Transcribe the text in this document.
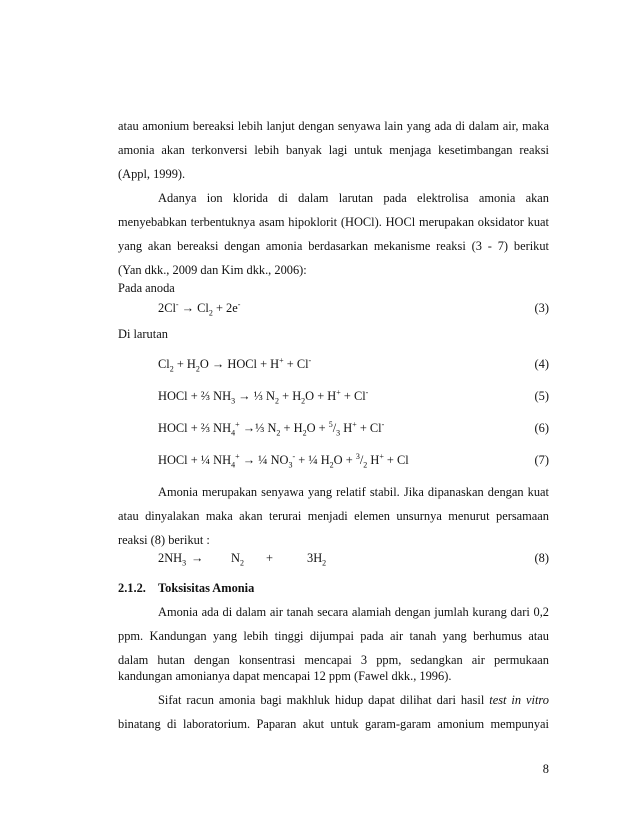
atau amonium bereaksi lebih lanjut dengan senyawa lain yang ada di dalam air, maka
amonia akan terkonversi lebih banyak lagi untuk menjaga kesetimbangan reaksi
(Appl, 1999).
Adanya ion klorida di dalam larutan pada elektrolisa amonia akan
menyebabkan terbentuknya asam hipoklorit (HOCl). HOCl merupakan oksidator kuat
yang akan bereaksi dengan amonia berdasarkan mekanisme reaksi (3 - 7) berikut
(Yan dkk., 2009 dan Kim dkk., 2006):
Pada anoda
$2Cl^- \to Cl_2 + 2e^-$	(3)
Di larutan
$Cl_2 + H_2O$ → HOCl + H+ + Cl-	(4)
HOCl + ⅔ $NH_3$ → ⅓ $N_2 + H_2O + H^+ + Cl^-$	(5)
HOCl + ⅔ $NH_4^+$ →⅓ $N_2 + H_2O + ^5/_3$ H+ + Cl-	(6)
HOCl + ¼ $NH_4^+$ → ¼ $NO_3^-$ + ¼ $H_2O + ^3/_2$ H+ + Cl	(7)
Amonia merupakan senyawa yang relatif stabil. Jika dipanaskan dengan kuat
atau dinyalakan maka akan terurai menjadi elemen unsurnya menurut persamaan
reaksi (8) berikut :
$2NH_3 \to N_2$ +	$3H_2$	(8)
2.1.2. Toksisitas Amonia
Amonia ada di dalam air tanah secara alamiah dengan jumlah kurang dari 0,2
ppm. Kandungan yang lebih tinggi dijumpai pada air tanah yang berhumus atau
dalam hutan dengan konsentrasi mencapai 3 ppm, sedangkan air permukaan
kandungan amonianya dapat mencapai 12 ppm (Fawel dkk., 1996).
Sifat racun amonia bagi makhluk hidup dapat dilihat dari hasil test in vitro
binatang di laboratorium. Paparan akut untuk garam-garam amonium mempunyai
8
